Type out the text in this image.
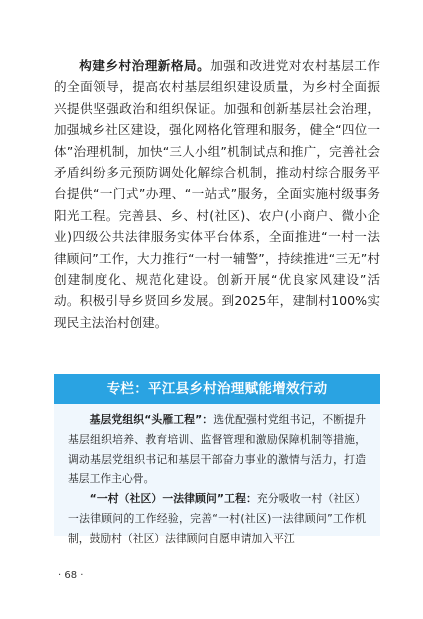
构建乡村治理新格局。加强和改进党对农村基层工作的全面领导，提高农村基层组织建设质量，为乡村全面振兴提供坚强政治和组织保证。加强和创新基层社会治理，加强城乡社区建设，强化网格化管理和服务，健全“四位一体”治理机制，加快“三人小组”机制试点和推广，完善社会矛盾纠纷多元预防调处化解综合机制，推动村综合服务平台提供“一门式”办理、“一站式”服务，全面实施村级事务阳光工程。完善县、乡、村(社区)、农户(小商户、微小企业)四级公共法律服务实体平台体系，全面推进“一村一法律顾问”工作，大力推行“一村一辅警”，持续推进“三无”村创建制度化、规范化建设。创新开展“优良家风建设”活动。积极引导乡贤回乡发展。到2025年，建制村100%实现民主法治村创建。

专栏：平江县乡村治理赋能增效行动

基层党组织“头雁工程”：选优配强村党组书记，不断提升基层组织培养、教育培训、监督管理和激励保障机制等措施，调动基层党组织书记和基层干部奋力事业的激情与活力，打造基层工作主心骨。

“一村（社区）一法律顾问”工程：充分吸收一村（社区）一法律顾问的工作经验，完善“一村(社区)一法律顾问”工作机制，鼓励村（社区）法律顾问自愿申请加入平江

· 68 ·
